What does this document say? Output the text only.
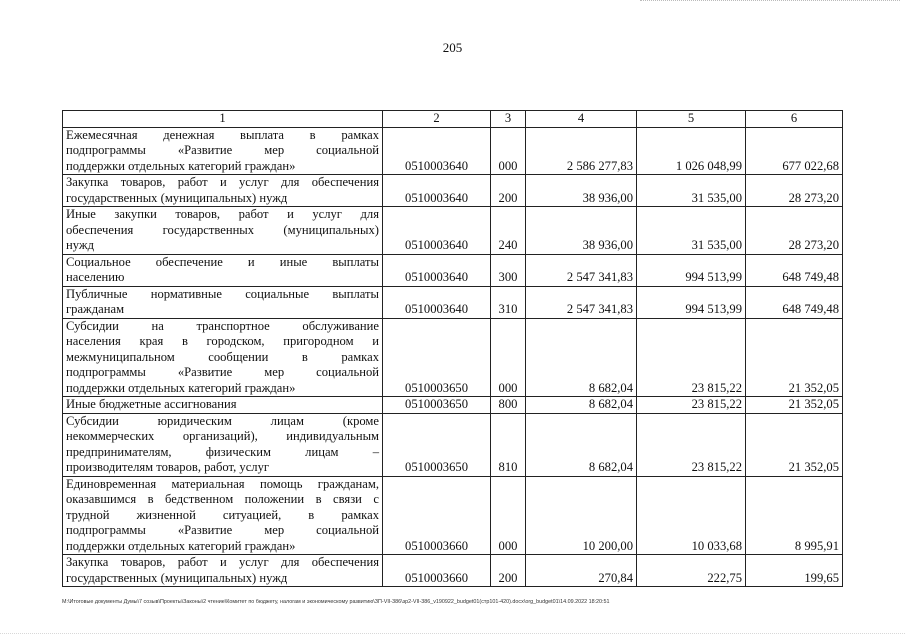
205
1	2	3	4	5	6

Ежемесячная денежная выплата в рамках
подпрограммы «Развитие мер социальной
поддержки отдельных категорий граждан»	0510003640	000	2 586 277,83	1 026 048,99	677 022,68

Закупка товаров, работ и услуг для обеспечения
государственных (муниципальных) нужд	0510003640	200	38 936,00	31 535,00	28 273,20

Иные закупки товаров, работ и услуг для
обеспечения государственных (муниципальных)
нужд	0510003640	240	38 936,00	31 535,00	28 273,20

Социальное обеспечение и иные выплаты
населению	0510003640	300	2 547 341,83	994 513,99	648 749,48

Публичные нормативные социальные выплаты
гражданам	0510003640	310	2 547 341,83	994 513,99	648 749,48

Субсидии на транспортное обслуживание
населения края в городском, пригородном и
межмуниципальном сообщении в рамках
подпрограммы «Развитие мер социальной
поддержки отдельных категорий граждан»	0510003650	000	8 682,04	23 815,22	21 352,05

Иные бюджетные ассигнования	0510003650	800	8 682,04	23 815,22	21 352,05

Субсидии юридическим лицам (кроме
некоммерческих организаций), индивидуальным
предпринимателям, физическим лицам –
производителям товаров, работ, услуг	0510003650	810	8 682,04	23 815,22	21 352,05

Единовременная материальная помощь гражданам,
оказавшимся в бедственном положении в связи с
трудной жизненной ситуацией, в рамках
подпрограммы «Развитие мер социальной
поддержки отдельных категорий граждан»	0510003660	000	10 200,00	10 033,68	8 995,91

Закупка товаров, работ и услуг для обеспечения
государственных (муниципальных) нужд	0510003660	200	270,84	222,75	199,65
M:\Итоговые документы Думы\7 созыв\Проекты\Законы\2 чтение\Комитет по бюджету, налогам и экономическому развитию\ЗП-VII-386\зр2-VII-386_v190922_budget01(стр101-420).docx\org_budget01\14.09.2022 18:20:51
